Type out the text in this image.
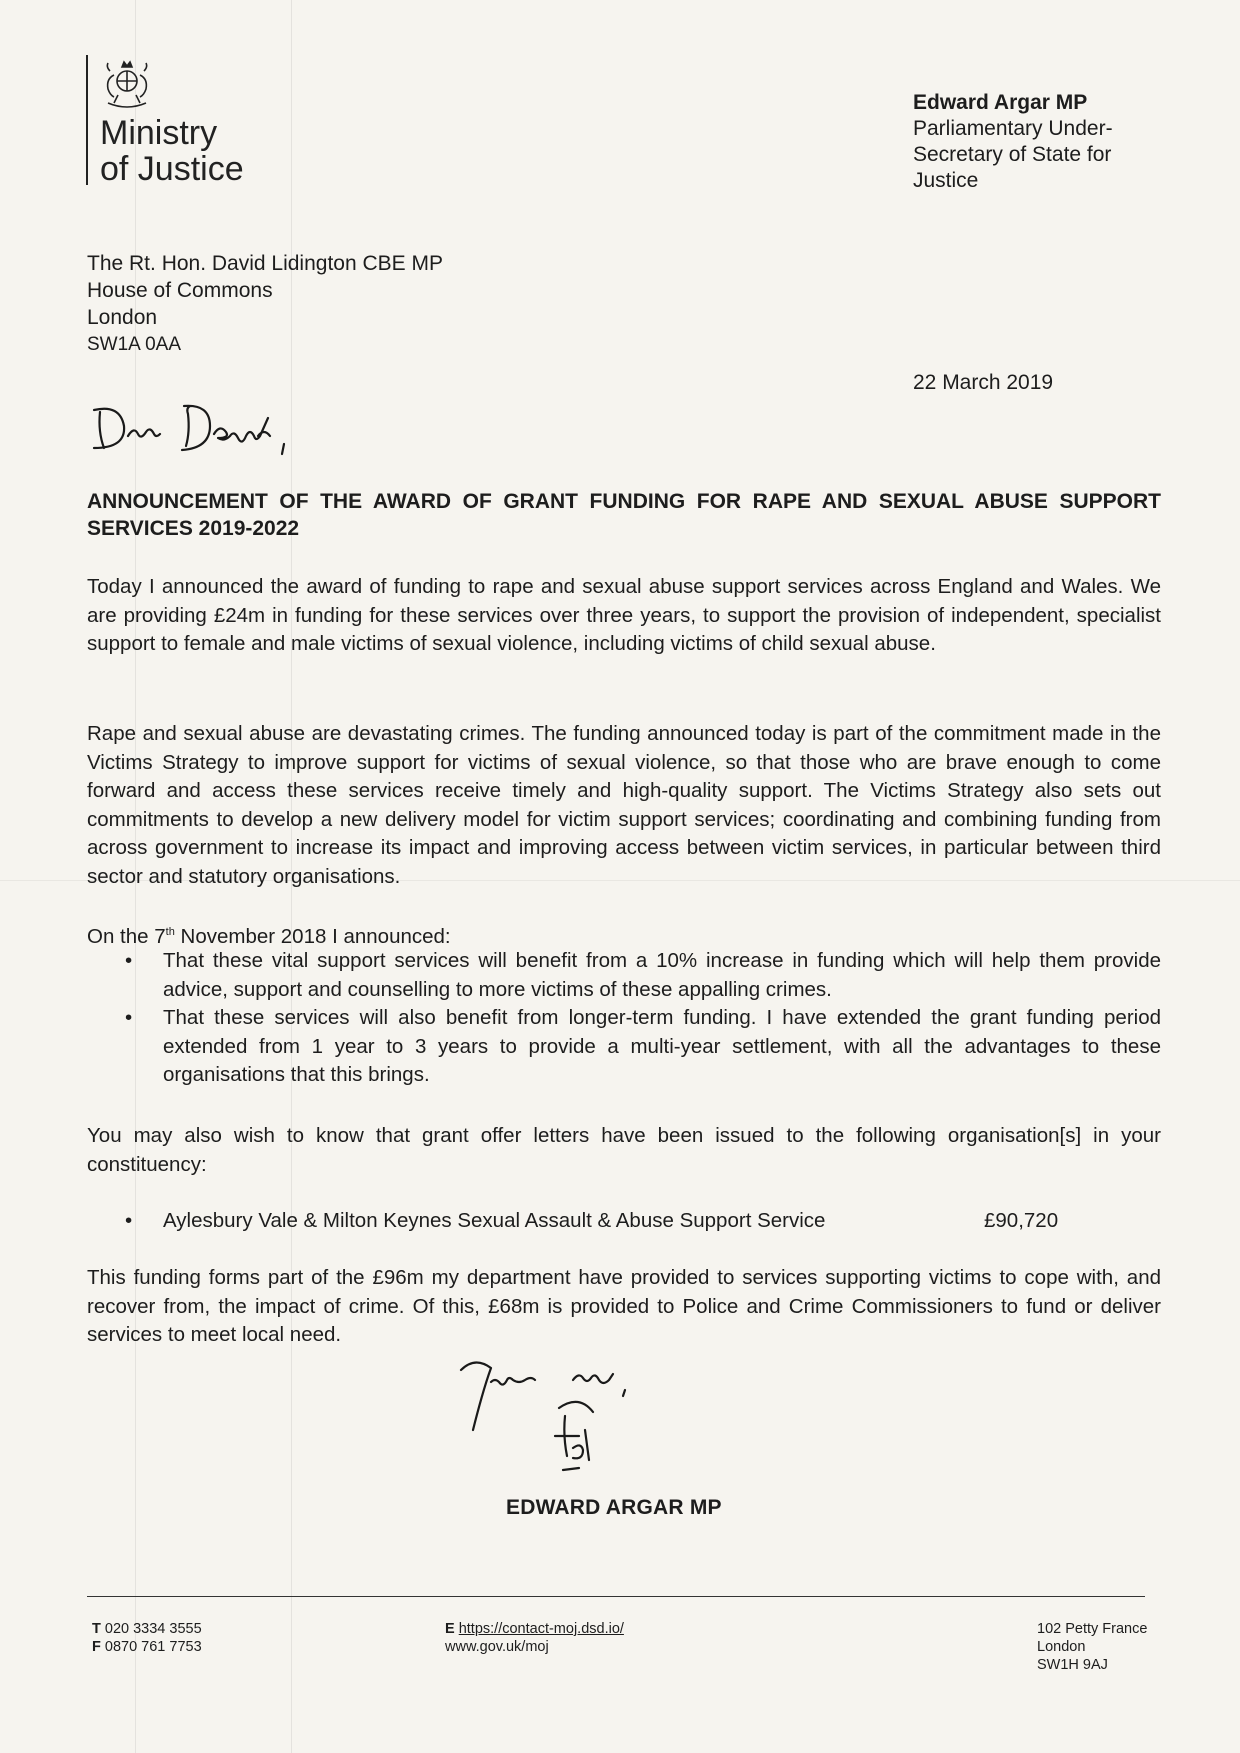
Ministry
of Justice
Edward Argar MP
Parliamentary Under-
Secretary of State for
Justice
The Rt. Hon. David Lidington CBE MP
House of Commons
London
SW1A 0AA
22 March 2019
ANNOUNCEMENT OF THE AWARD OF GRANT FUNDING FOR RAPE AND SEXUAL ABUSE SUPPORT SERVICES 2019-2022
Today I announced the award of funding to rape and sexual abuse support services across England and Wales. We are providing £24m in funding for these services over three years, to support the provision of independent, specialist support to female and male victims of sexual violence, including victims of child sexual abuse.
Rape and sexual abuse are devastating crimes. The funding announced today is part of the commitment made in the Victims Strategy to improve support for victims of sexual violence, so that those who are brave enough to come forward and access these services receive timely and high-quality support. The Victims Strategy also sets out commitments to develop a new delivery model for victim support services; coordinating and combining funding from across government to increase its impact and improving access between victim services, in particular between third sector and statutory organisations.
On the 7th November 2018 I announced:
• That these vital support services will benefit from a 10% increase in funding which will help them provide advice, support and counselling to more victims of these appalling crimes.
• That these services will also benefit from longer-term funding. I have extended the grant funding period extended from 1 year to 3 years to provide a multi-year settlement, with all the advantages to these organisations that this brings.
You may also wish to know that grant offer letters have been issued to the following organisation[s] in your constituency:
• Aylesbury Vale & Milton Keynes Sexual Assault & Abuse Support Service	£90,720
This funding forms part of the £96m my department have provided to services supporting victims to cope with, and recover from, the impact of crime. Of this, £68m is provided to Police and Crime Commissioners to fund or deliver services to meet local need.
EDWARD ARGAR MP
T 020 3334 3555
F 0870 761 7753
E https://contact-moj.dsd.io/
www.gov.uk/moj
102 Petty France
London
SW1H 9AJ
